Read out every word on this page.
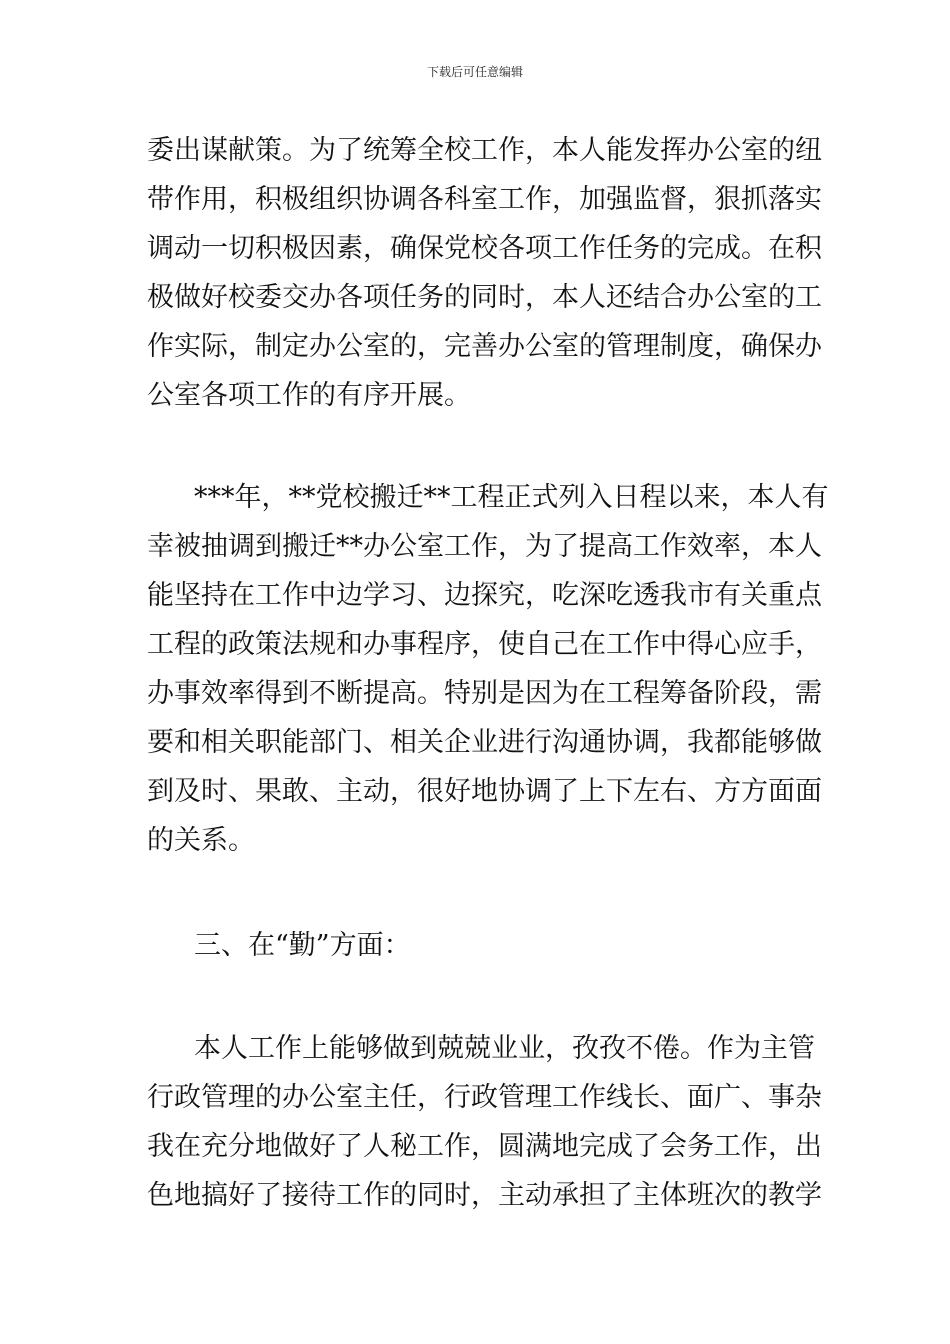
下载后可任意编辑
委出谋献策。为了统筹全校工作，本人能发挥办公室的纽
带作用，积极组织协调各科室工作，加强监督，狠抓落实
调动一切积极因素，确保党校各项工作任务的完成。在积
极做好校委交办各项任务的同时，本人还结合办公室的工
作实际，制定办公室的，完善办公室的管理制度，确保办
公室各项工作的有序开展。
***年，**党校搬迁**工程正式列入日程以来，本人有
幸被抽调到搬迁**办公室工作，为了提高工作效率，本人
能坚持在工作中边学习、边探究，吃深吃透我市有关重点
工程的政策法规和办事程序，使自己在工作中得心应手，
办事效率得到不断提高。特别是因为在工程筹备阶段，需
要和相关职能部门、相关企业进行沟通协调，我都能够做
到及时、果敢、主动，很好地协调了上下左右、方方面面
的关系。
三、在“勤”方面：
本人工作上能够做到兢兢业业，孜孜不倦。作为主管
行政管理的办公室主任，行政管理工作线长、面广、事杂
我在充分地做好了人秘工作，圆满地完成了会务工作，出
色地搞好了接待工作的同时，主动承担了主体班次的教学
